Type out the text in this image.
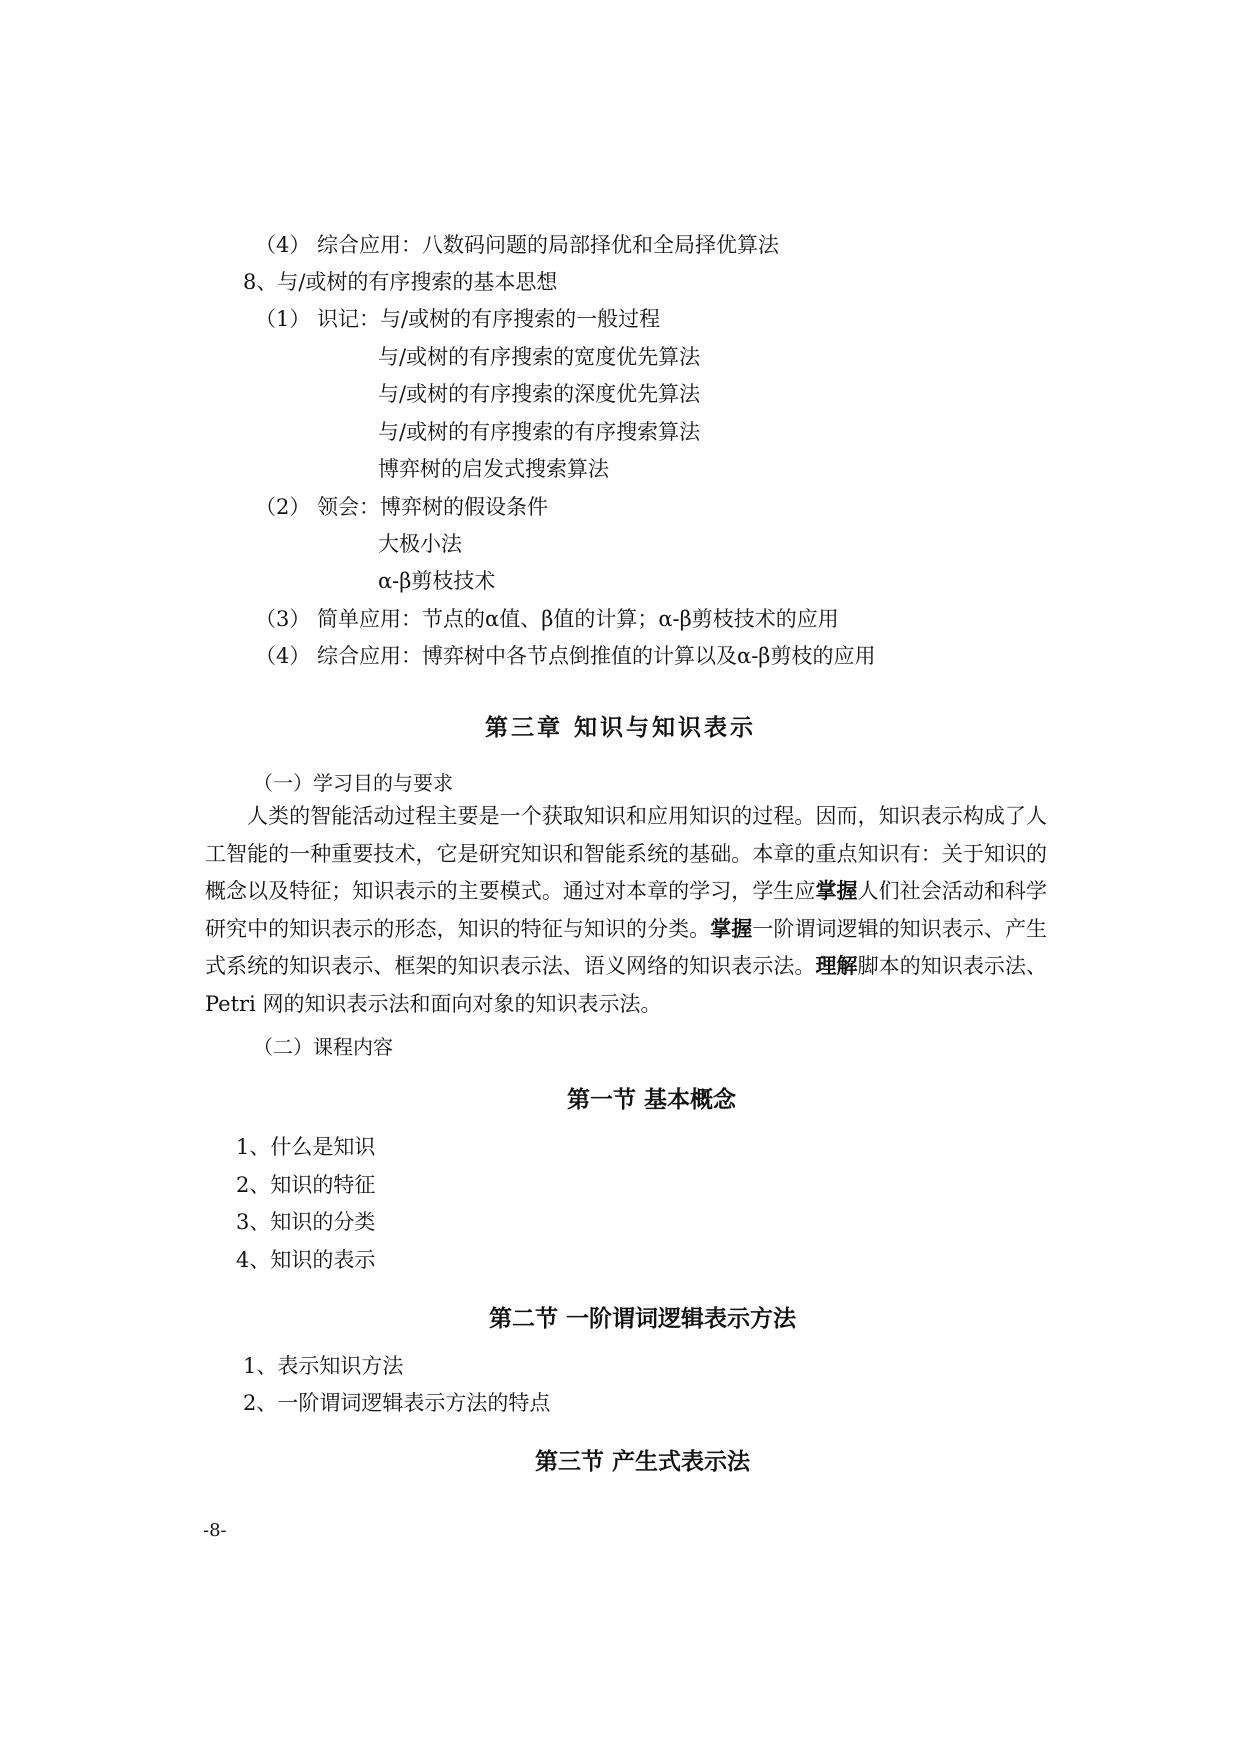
（4） 综合应用：八数码问题的局部择优和全局择优算法
8、与/或树的有序搜索的基本思想
（1） 识记：与/或树的有序搜索的一般过程
与/或树的有序搜索的宽度优先算法
与/或树的有序搜索的深度优先算法
与/或树的有序搜索的有序搜索算法
博弈树的启发式搜索算法
（2） 领会：博弈树的假设条件
大极小法
α-β剪枝技术
（3） 简单应用：节点的α值、β值的计算；α-β剪枝技术的应用
（4） 综合应用：博弈树中各节点倒推值的计算以及α-β剪枝的应用
第三章 知识与知识表示
（一）学习目的与要求

人类的智能活动过程主要是一个获取知识和应用知识的过程。因而，知识表示构成了人工智能的一种重要技术，它是研究知识和智能系统的基础。本章的重点知识有：关于知识的概念以及特征；知识表示的主要模式。通过对本章的学习，学生应掌握人们社会活动和科学研究中的知识表示的形态，知识的特征与知识的分类。掌握一阶谓词逻辑的知识表示、产生式系统的知识表示、框架的知识表示法、语义网络的知识表示法。理解脚本的知识表示法、Petri 网的知识表示法和面向对象的知识表示法。

（二）课程内容
第一节 基本概念
1、什么是知识
2、知识的特征
3、知识的分类
4、知识的表示
第二节 一阶谓词逻辑表示方法
1、表示知识方法
2、一阶谓词逻辑表示方法的特点
第三节 产生式表示法
-8-
